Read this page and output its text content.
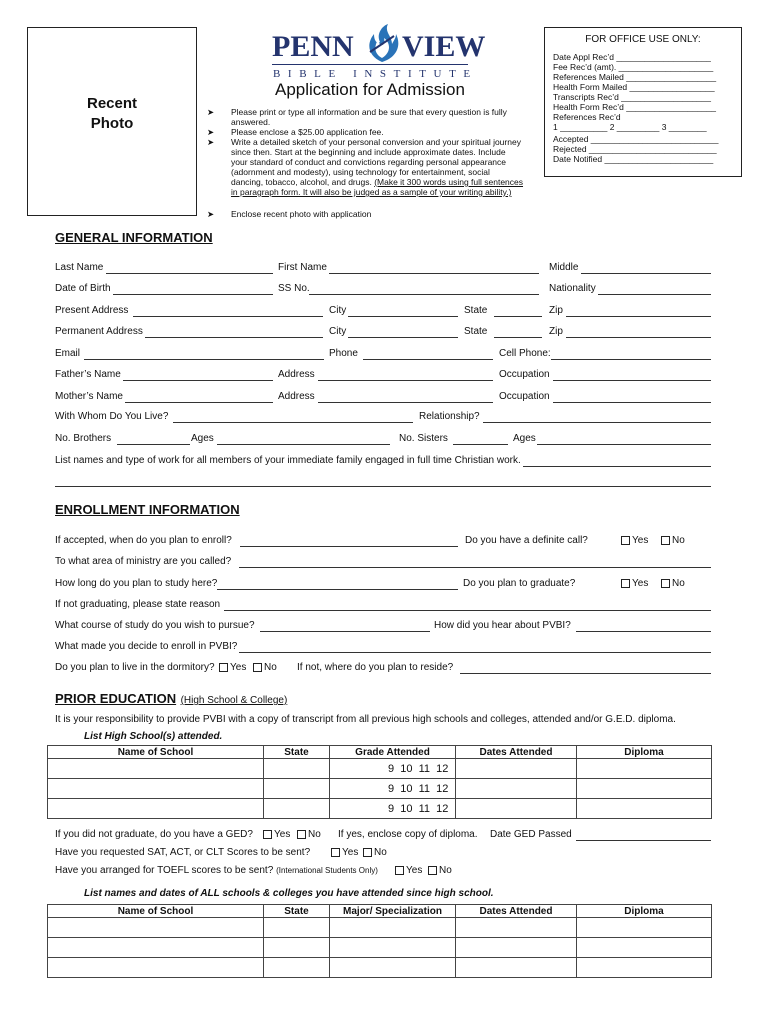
Recent
Photo
PENN VIEW
BIBLE INSTITUTE
Application for Admission
FOR OFFICE USE ONLY:
Date Appl Rec’d ____________________
Fee Rec’d (amt). ____________________
References Mailed ___________________
Health Form Mailed __________________
Transcripts Rec’d ___________________
Health Form Rec’d ___________________
References Rec’d
1 __________ 2 _________ 3 ________
Accepted ___________________________
Rejected ___________________________
Date Notified _______________________
➤ Please print or type all information and be sure that every question is fully answered.
➤ Please enclose a $25.00 application fee.
➤ Write a detailed sketch of your personal conversion and your spiritual journey since then. Start at the beginning and include approximate dates. Include your standard of conduct and convictions regarding personal appearance (adornment and modesty), using technology for entertainment, social dancing, tobacco, alcohol, and drugs. (Make it 300 words using full sentences in paragraph form. It will also be judged as a sample of your writing ability.)
➤ Enclose recent photo with application
GENERAL INFORMATION
Last Name	First Name	Middle
Date of Birth	SS No.	Nationality
Present Address	City	State	Zip
Permanent Address	City	State	Zip
Email	Phone	Cell Phone:
Father’s Name	Address	Occupation
Mother’s Name	Address	Occupation
With Whom Do You Live?	Relationship?
No. Brothers	Ages	No. Sisters	Ages
List names and type of work for all members of your immediate family engaged in full time Christian work.
ENROLLMENT INFORMATION
If accepted, when do you plan to enroll?	Do you have a definite call?	Yes	No
To what area of ministry are you called?
How long do you plan to study here?	Do you plan to graduate?	Yes	No
If not graduating, please state reason
What course of study do you wish to pursue?	How did you hear about PVBI?
What made you decide to enroll in PVBI?
Do you plan to live in the dormitory?	Yes	No If not, where do you plan to reside?
PRIOR EDUCATION (High School & College)
It is your responsibility to provide PVBI with a copy of transcript from all previous high schools and colleges, attended and/or G.E.D. diploma.
List High School(s) attended.
Name of School	State	Grade Attended	Dates Attended	Diploma
		9 10 11 12		
		9 10 11 12		
		9 10 11 12		
If you did not graduate, do you have a GED?	Yes	No If yes, enclose copy of diploma. Date GED Passed
Have you requested SAT, ACT, or CLT Scores to be sent?	Yes	No
Have you arranged for TOEFL scores to be sent? (International Students Only)	Yes	No
List names and dates of ALL schools & colleges you have attended since high school.
Name of School	State	Major/ Specialization	Dates Attended	Diploma
